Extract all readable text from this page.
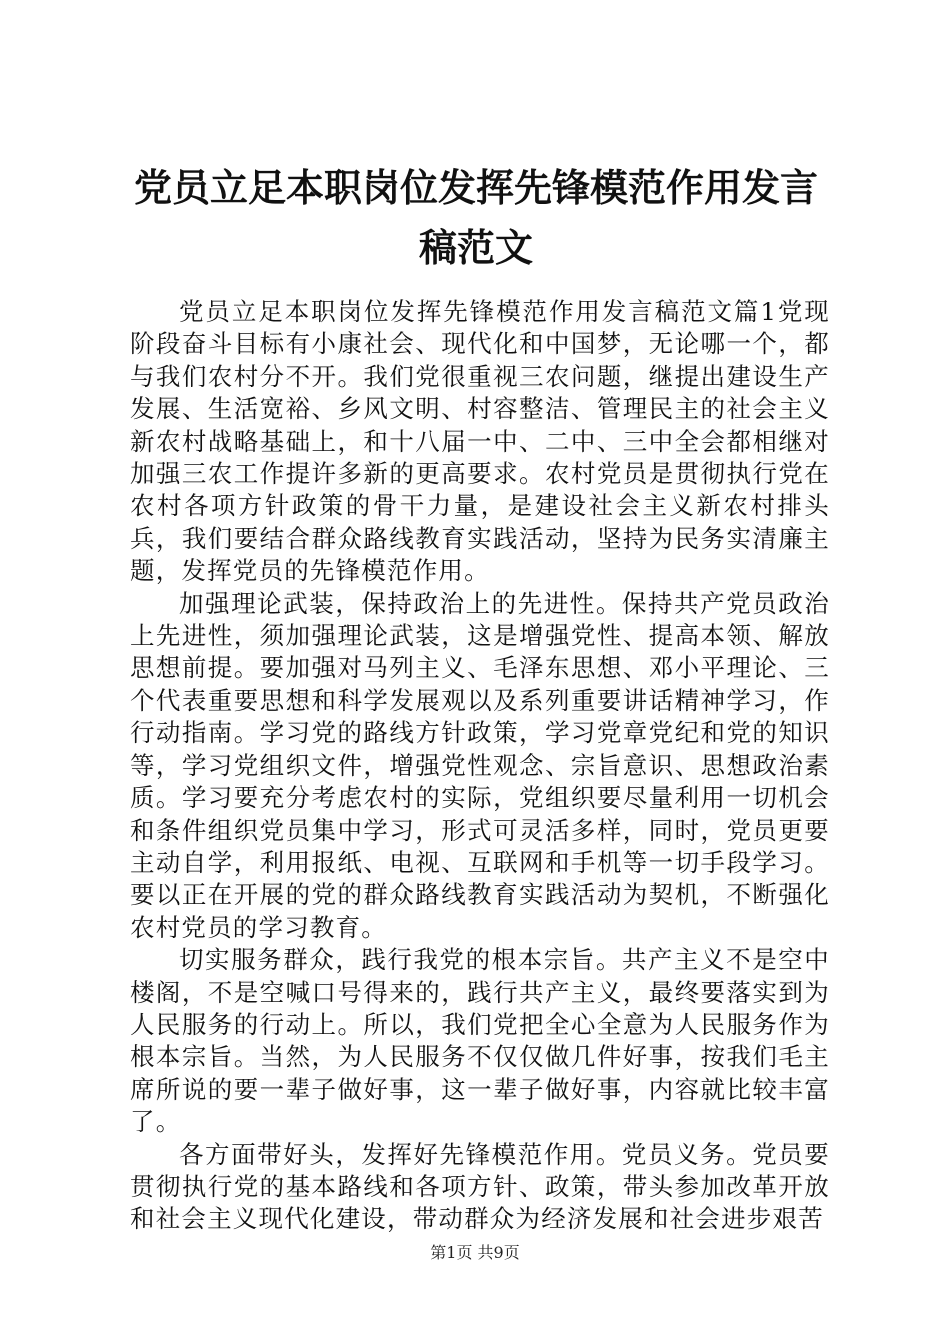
党员立足本职岗位发挥先锋模范作用发言稿范文

党员立足本职岗位发挥先锋模范作用发言稿范文篇1党现阶段奋斗目标有小康社会、现代化和中国梦，无论哪一个，都与我们农村分不开。我们党很重视三农问题，继提出建设生产发展、生活宽裕、乡风文明、村容整洁、管理民主的社会主义新农村战略基础上，和十八届一中、二中、三中全会都相继对加强三农工作提许多新的更高要求。农村党员是贯彻执行党在农村各项方针政策的骨干力量，是建设社会主义新农村排头兵，我们要结合群众路线教育实践活动，坚持为民务实清廉主题，发挥党员的先锋模范作用。

加强理论武装，保持政治上的先进性。保持共产党员政治上先进性，须加强理论武装，这是增强党性、提高本领、解放思想前提。要加强对马列主义、毛泽东思想、邓小平理论、三个代表重要思想和科学发展观以及系列重要讲话精神学习，作行动指南。学习党的路线方针政策，学习党章党纪和党的知识等，学习党组织文件，增强党性观念、宗旨意识、思想政治素质。学习要充分考虑农村的实际，党组织要尽量利用一切机会和条件组织党员集中学习，形式可灵活多样，同时，党员更要主动自学，利用报纸、电视、互联网和手机等一切手段学习。要以正在开展的党的群众路线教育实践活动为契机，不断强化农村党员的学习教育。

切实服务群众，践行我党的根本宗旨。共产主义不是空中楼阁，不是空喊口号得来的，践行共产主义，最终要落实到为人民服务的行动上。所以，我们党把全心全意为人民服务作为根本宗旨。当然，为人民服务不仅仅做几件好事，按我们毛主席所说的要一辈子做好事，这一辈子做好事，内容就比较丰富了。

各方面带好头，发挥好先锋模范作用。党员义务。党员要贯彻执行党的基本路线和各项方针、政策，带头参加改革开放和社会主义现代化建设，带动群众为经济发展和社会进步艰苦

第1页 共9页
